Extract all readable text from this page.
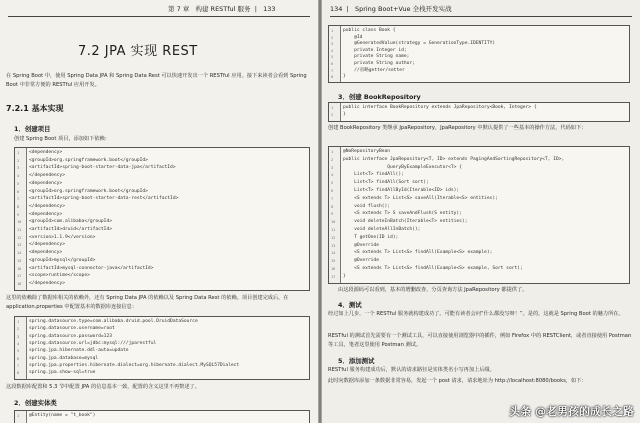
第 7 章 构建 RESTful 服务  |   133
7.2 JPA 实现 REST
在 Spring Boot 中，使用 Spring Data JPA 和 Spring Data Rest 可以快速开发出一个 RESTful 应用。接下来读者会看到 Spring Boot 中非常方便的 RESTful 应用开发。
7.2.1 基本实现
1．创建项目
创建 Spring Boot 项目，添加如下依赖：
1	<dependency>
2	<groupId>org.springframework.boot</groupId>
3	<artifactId>spring-boot-starter-data-jpa</artifactId>
4	</dependency>
5	<dependency>
6	<groupId>org.springframework.boot</groupId>
7	<artifactId>spring-boot-starter-data-rest</artifactId>
8	</dependency>
9	<dependency>
10	<groupId>com.alibaba</groupId>
11	<artifactId>druid</artifactId>
12	<version>1.1.9</version>
13	</dependency>
14	<dependency>
15	<groupId>mysql</groupId>
16	<artifactId>mysql-connector-java</artifactId>
17	<scope>runtime</scope>
18	</dependency>
这里的依赖除了数据库相关的依赖外，还有 Spring Data JPA 的依赖以及 Spring Data Rest 的依赖。项目创建完成后，在 application.properties 中配置基本的数据库连接信息：
1	spring.datasource.type=com.alibaba.druid.pool.DruidDataSource
2	spring.datasource.username=root
3	spring.datasource.password=123
4	spring.datasource.url=jdbc:mysql:///jparestful
5	spring.jpa.hibernate.ddl-auto=update
6	spring.jpa.database=mysql
7	spring.jpa.properties.hibernate.dialect=org.hibernate.dialect.MySQL57Dialect
8	spring.jpa.show-sql=true
这段数据库配置和 5.3 节中配置 JPA 的信息基本一致，配置的含义这里不再赘述了。
2．创建实体类
1	@Entity(name = "t_book")
134  |   Spring Boot+Vue 全栈开发实战
1	public class Book {
2	@Id
3	@GeneratedValue(strategy = GenerationType.IDENTITY)
4	private Integer id;
5	private String name;
6	private String author;
7	//省略getter/setter
8	}
3．创建 BookRepository
1	public interface BookRepository extends JpaRepository<Book, Integer> {
2	}
创建 BookRepository 类继承 JpaRepository，JpaRepository 中默认提供了一些基本的操作方法，代码如下：
1	@NoRepositoryBean
2	public interface JpaRepository<T, ID> extends PagingAndSortingRepository<T, ID>,
3	QueryByExampleExecutor<T> {
4	List<T> findAll();
5	List<T> findAll(Sort sort);
6	List<T> findAllById(Iterable<ID> ids);
7	<S extends T> List<S> saveAll(Iterable<S> entities);
8	void flush();
9	<S extends T> S saveAndFlush(S entity);
10	void deleteInBatch(Iterable<T> entities);
11	void deleteAllInBatch();
12	T getOne(ID id);
13	@Override
14	<S extends T> List<S> findAll(Example<S> example);
15	@Override
16	<S extends T> List<S> findAll(Example<S> example, Sort sort);
17	}
由这段源码可以看到，基本的增删改查、分页查询方法 JpaRepository 都提供了。
4．测试
经过如上几步，一个 RESTful 服务就构建成功了。可能有读者会问“什么都没写呀！”。是的，这就是 Spring Boot 的魅力所在。
RESTful 的测试首先需要有一个测试工具，可以直接使用浏览器中的插件，例如 Firefox 中的 RESTClient，或者直接使用 Postman 等工具，笔者这里使用 Postman 测试。
5．添加测试
RESTful 服务构建成功后，默认的请求路径是实体类名小写再加上后缀。
此时向数据库添加一条数据非常容易，发起一个 post 请求，请求地址为 http://localhost:8080/books，如下：
头条 @老男孩的成长之路
